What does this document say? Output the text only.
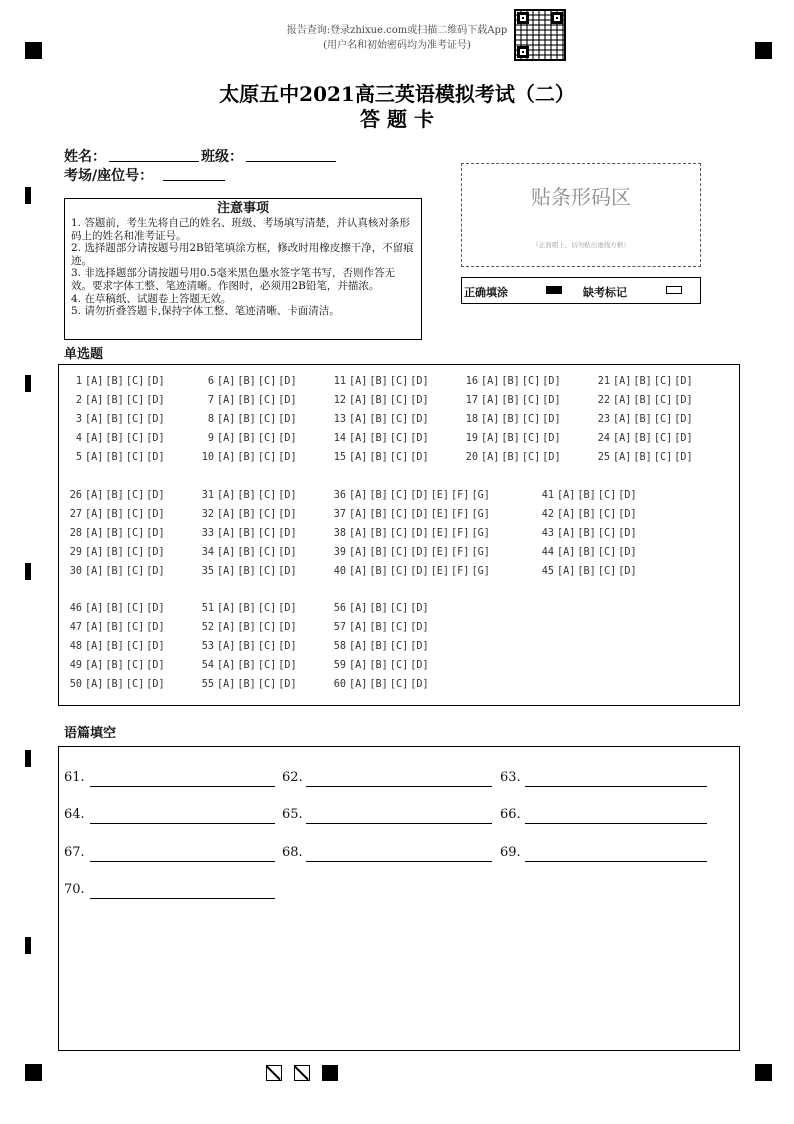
报告查询:登录zhixue.com或扫描二维码下载App
(用户名和初始密码均为准考证号)
太原五中2021高三英语模拟考试（二）
答 题 卡
姓名：	班级：
考场/座位号：
注意事项
1. 答题前，考生先将自己的姓名、班级、考场填写清楚，并认真核对条形码上的姓名和准考证号。
2. 选择题部分请按题号用2B铅笔填涂方框，修改时用橡皮擦干净，不留痕迹。
3. 非选择题部分请按题号用0.5毫米黑色墨水签字笔书写，否则作答无效。要求字体工整、笔迹清晰。作图时，必须用2B铅笔，并描浓。
4. 在草稿纸、试题卷上答题无效。
5. 请勿折叠答题卡,保持字体工整、笔迹清晰、卡面清洁。
贴条形码区
（正面朝上，切勿贴出虚线方框）
正确填涂	缺考标记
单选题
语篇填空
1 [A] [B] [C] [D]
2 [A] [B] [C] [D]
3 [A] [B] [C] [D]
4 [A] [B] [C] [D]
5 [A] [B] [C] [D]
6 [A] [B] [C] [D]
7 [A] [B] [C] [D]
8 [A] [B] [C] [D]
9 [A] [B] [C] [D]
10 [A] [B] [C] [D]
11 [A] [B] [C] [D]
12 [A] [B] [C] [D]
13 [A] [B] [C] [D]
14 [A] [B] [C] [D]
15 [A] [B] [C] [D]
16 [A] [B] [C] [D]
17 [A] [B] [C] [D]
18 [A] [B] [C] [D]
19 [A] [B] [C] [D]
20 [A] [B] [C] [D]
21 [A] [B] [C] [D]
22 [A] [B] [C] [D]
23 [A] [B] [C] [D]
24 [A] [B] [C] [D]
25 [A] [B] [C] [D]
26 [A] [B] [C] [D]
27 [A] [B] [C] [D]
28 [A] [B] [C] [D]
29 [A] [B] [C] [D]
30 [A] [B] [C] [D]
31 [A] [B] [C] [D]
32 [A] [B] [C] [D]
33 [A] [B] [C] [D]
34 [A] [B] [C] [D]
35 [A] [B] [C] [D]
36 [A] [B] [C] [D] [E] [F] [G]
37 [A] [B] [C] [D] [E] [F] [G]
38 [A] [B] [C] [D] [E] [F] [G]
39 [A] [B] [C] [D] [E] [F] [G]
40 [A] [B] [C] [D] [E] [F] [G]
41 [A] [B] [C] [D]
42 [A] [B] [C] [D]
43 [A] [B] [C] [D]
44 [A] [B] [C] [D]
45 [A] [B] [C] [D]
46 [A] [B] [C] [D]
47 [A] [B] [C] [D]
48 [A] [B] [C] [D]
49 [A] [B] [C] [D]
50 [A] [B] [C] [D]
51 [A] [B] [C] [D]
52 [A] [B] [C] [D]
53 [A] [B] [C] [D]
54 [A] [B] [C] [D]
55 [A] [B] [C] [D]
56 [A] [B] [C] [D]
57 [A] [B] [C] [D]
58 [A] [B] [C] [D]
59 [A] [B] [C] [D]
60 [A] [B] [C] [D]
61.	62.	63.
64.	65.	66.
67.	68.	69.
70.
